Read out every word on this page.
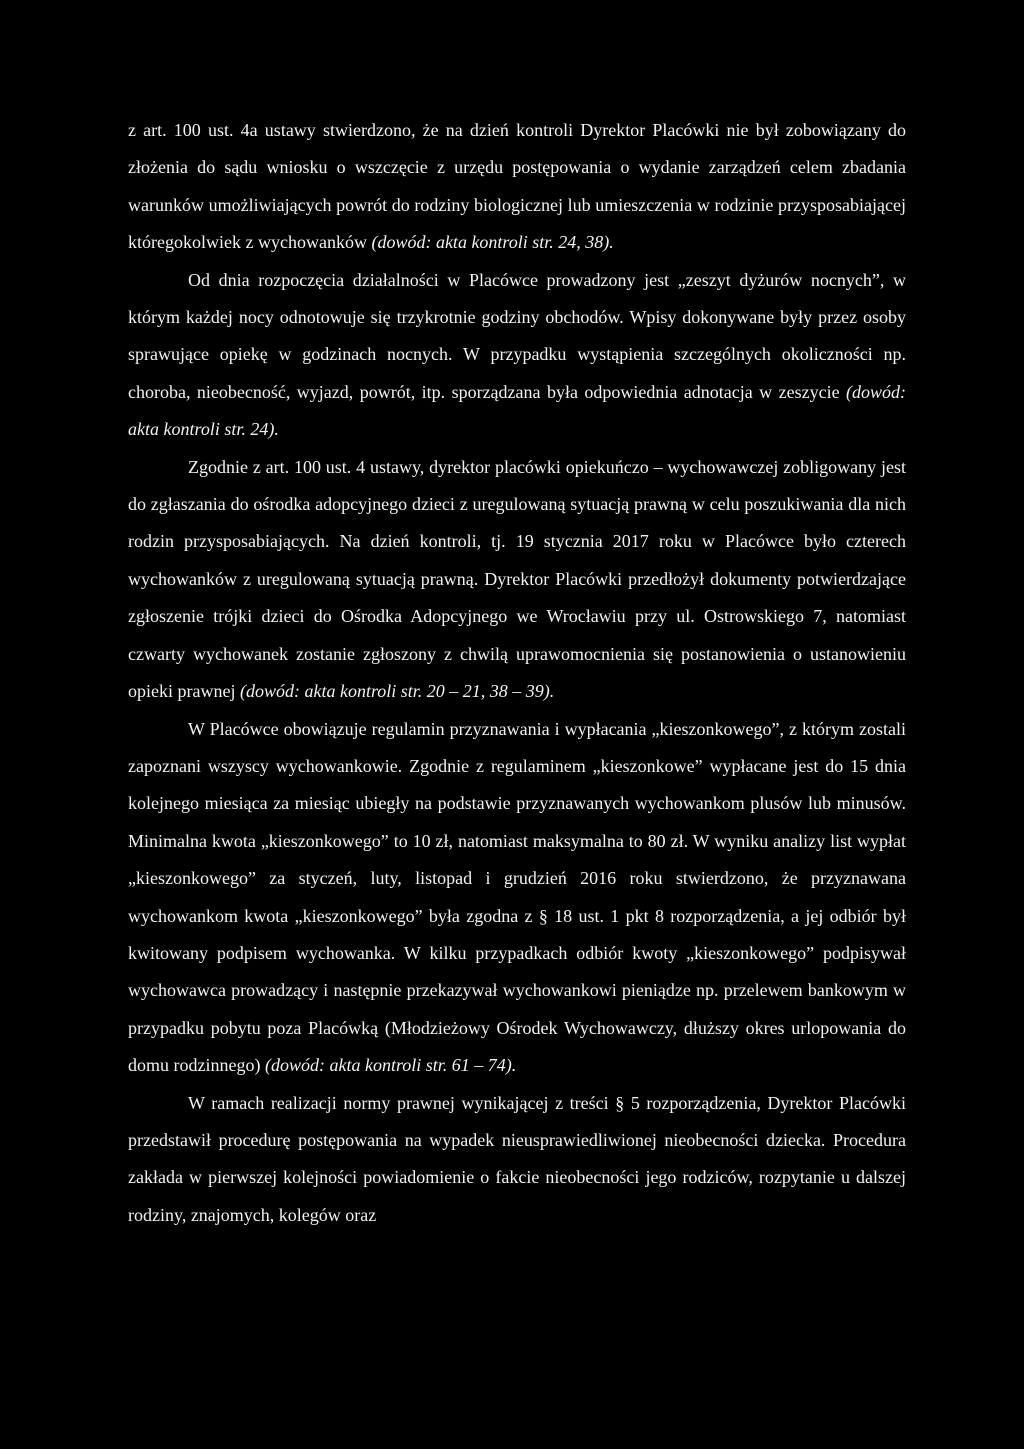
z art. 100 ust. 4a ustawy stwierdzono, że na dzień kontroli Dyrektor Placówki nie był zobowiązany do złożenia do sądu wniosku o wszczęcie z urzędu postępowania o wydanie zarządzeń celem zbadania warunków umożliwiających powrót do rodziny biologicznej lub umieszczenia w rodzinie przysposabiającej któregokolwiek z wychowanków (dowód: akta kontroli str. 24, 38).

Od dnia rozpoczęcia działalności w Placówce prowadzony jest „zeszyt dyżurów nocnych”, w którym każdej nocy odnotowuje się trzykrotnie godziny obchodów. Wpisy dokonywane były przez osoby sprawujące opiekę w godzinach nocnych. W przypadku wystąpienia szczególnych okoliczności np. choroba, nieobecność, wyjazd, powrót, itp. sporządzana była odpowiednia adnotacja w zeszycie (dowód: akta kontroli str. 24).

Zgodnie z art. 100 ust. 4 ustawy, dyrektor placówki opiekuńczo – wychowawczej zobligowany jest do zgłaszania do ośrodka adopcyjnego dzieci z uregulowaną sytuacją prawną w celu poszukiwania dla nich rodzin przysposabiających. Na dzień kontroli, tj. 19 stycznia 2017 roku w Placówce było czterech wychowanków z uregulowaną sytuacją prawną. Dyrektor Placówki przedłożył dokumenty potwierdzające zgłoszenie trójki dzieci do Ośrodka Adopcyjnego we Wrocławiu przy ul. Ostrowskiego 7, natomiast czwarty wychowanek zostanie zgłoszony z chwilą uprawomocnienia się postanowienia o ustanowieniu opieki prawnej (dowód: akta kontroli str. 20 – 21, 38 – 39).

W Placówce obowiązuje regulamin przyznawania i wypłacania „kieszonkowego”, z którym zostali zapoznani wszyscy wychowankowie. Zgodnie z regulaminem „kieszonkowe” wypłacane jest do 15 dnia kolejnego miesiąca za miesiąc ubiegły na podstawie przyznawanych wychowankom plusów lub minusów. Minimalna kwota „kieszonkowego” to 10 zł, natomiast maksymalna to 80 zł. W wyniku analizy list wypłat „kieszonkowego” za styczeń, luty, listopad i grudzień 2016 roku stwierdzono, że przyznawana wychowankom kwota „kieszonkowego” była zgodna z § 18 ust. 1 pkt 8 rozporządzenia, a jej odbiór był kwitowany podpisem wychowanka. W kilku przypadkach odbiór kwoty „kieszonkowego” podpisywał wychowawca prowadzący i następnie przekazywał wychowankowi pieniądze np. przelewem bankowym w przypadku pobytu poza Placówką (Młodzieżowy Ośrodek Wychowawczy, dłuższy okres urlopowania do domu rodzinnego) (dowód: akta kontroli str. 61 – 74).

W ramach realizacji normy prawnej wynikającej z treści § 5 rozporządzenia, Dyrektor Placówki przedstawił procedurę postępowania na wypadek nieusprawiedliwionej nieobecności dziecka. Procedura zakłada w pierwszej kolejności powiadomienie o fakcie nieobecności jego rodziców, rozpytanie u dalszej rodziny, znajomych, kolegów oraz
